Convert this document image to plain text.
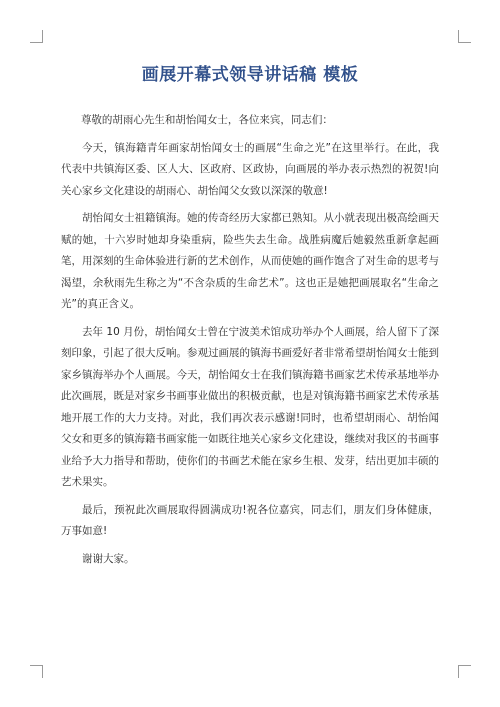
画展开幕式领导讲话稿 模板

尊敬的胡雨心先生和胡怡闻女士，各位来宾，同志们：

今天，镇海籍青年画家胡怡闻女士的画展“生命之光”在这里举行。在此，我代表中共镇海区委、区人大、区政府、区政协，向画展的举办表示热烈的祝贺!向关心家乡文化建设的胡雨心、胡怡闻父女致以深深的敬意!

胡怡闻女士祖籍镇海。她的传奇经历大家都已熟知。从小就表现出极高绘画天赋的她，十六岁时她却身染重病，险些失去生命。战胜病魔后她毅然重新拿起画笔，用深刻的生命体验进行新的艺术创作，从而使她的画作饱含了对生命的思考与渴望，余秋雨先生称之为“不含杂质的生命艺术”。这也正是她把画展取名“生命之光”的真正含义。

去年 10 月份，胡怡闻女士曾在宁波美术馆成功举办个人画展，给人留下了深刻印象，引起了很大反响。参观过画展的镇海书画爱好者非常希望胡怡闻女士能到家乡镇海举办个人画展。今天，胡怡闻女士在我们镇海籍书画家艺术传承基地举办此次画展，既是对家乡书画事业做出的积极贡献，也是对镇海籍书画家艺术传承基地开展工作的大力支持。对此，我们再次表示感谢!同时，也希望胡雨心、胡怡闻父女和更多的镇海籍书画家能一如既往地关心家乡文化建设，继续对我区的书画事业给予大力指导和帮助，使你们的书画艺术能在家乡生根、发芽，结出更加丰硕的艺术果实。

最后，预祝此次画展取得圆满成功!祝各位嘉宾，同志们，朋友们身体健康，万事如意!

谢谢大家。
